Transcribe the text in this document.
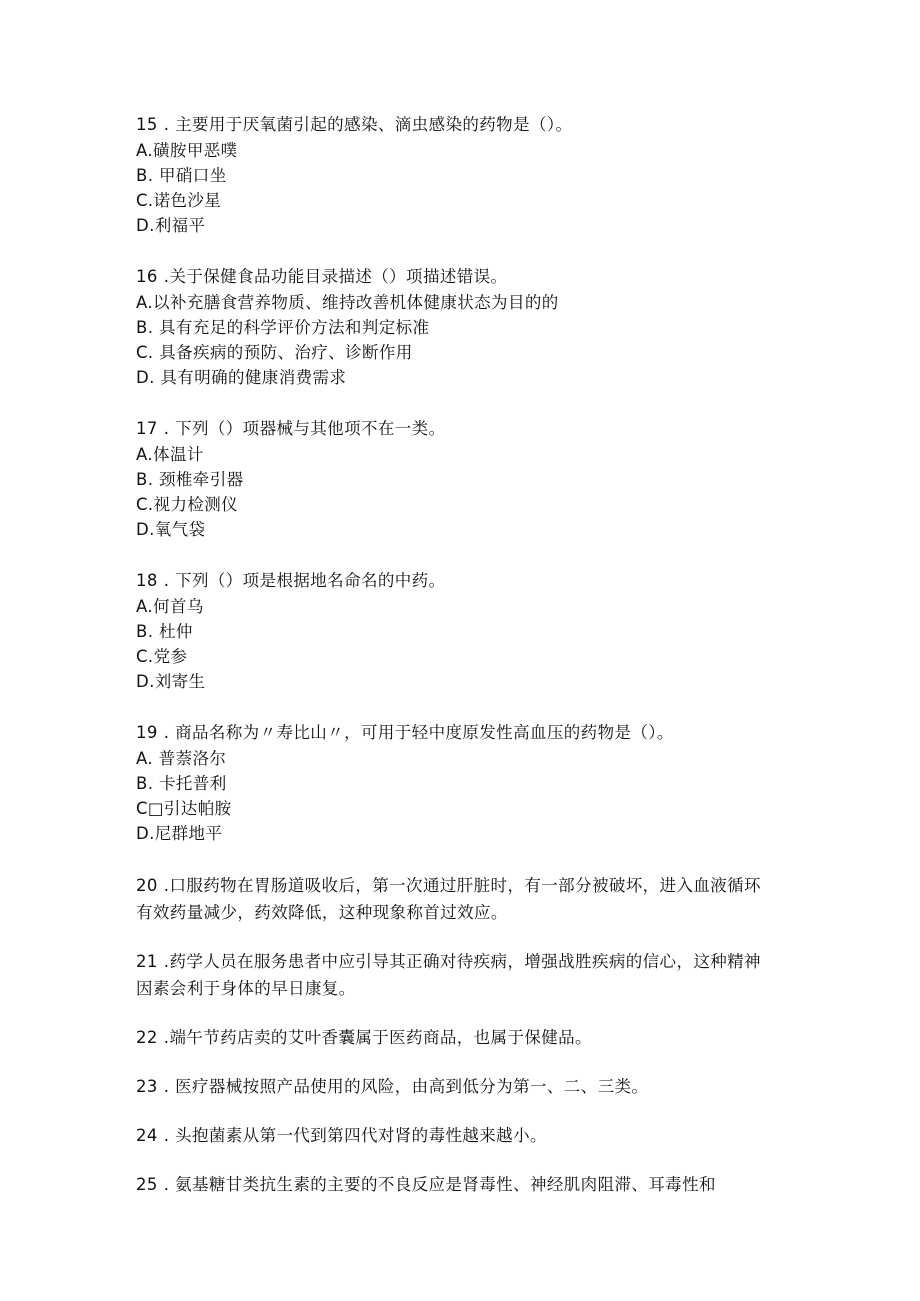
15 . 主要用于厌氧菌引起的感染、滴虫感染的药物是（）。

A.磺胺甲恶噗
B. 甲硝口坐
C.诺色沙星
D.利福平

16 .关于保健食品功能目录描述（）项描述错误。

A.以补充膳食营养物质、维持改善机体健康状态为目的的
B. 具有充足的科学评价方法和判定标准
C. 具备疾病的预防、治疗、诊断作用
D. 具有明确的健康消费需求

17 . 下列（）项器械与其他项不在一类。

A.体温计
B. 颈椎牵引器
C.视力检测仪
D.氧气袋

18 . 下列（）项是根据地名命名的中药。

A.何首乌
B. 杜仲
C.党参
D.刘寄生

19 . 商品名称为〃寿比山〃，可用于轻中度原发性高血压的药物是（）。

A. 普萘洛尔
B. 卡托普利
C□引达帕胺
D.尼群地平

20 .口服药物在胃肠道吸收后，第一次通过肝脏时，有一部分被破坏，进入血液循环有效药量减少，药效降低，这种现象称首过效应。

21 .药学人员在服务患者中应引导其正确对待疾病，增强战胜疾病的信心，这种精神因素会利于身体的早日康复。

22 .端午节药店卖的艾叶香囊属于医药商品，也属于保健品。

23 . 医疗器械按照产品使用的风险，由高到低分为第一、二、三类。

24 . 头抱菌素从第一代到第四代对肾的毒性越来越小。

25 . 氨基糖甘类抗生素的主要的不良反应是肾毒性、神经肌肉阻滞、耳毒性和
